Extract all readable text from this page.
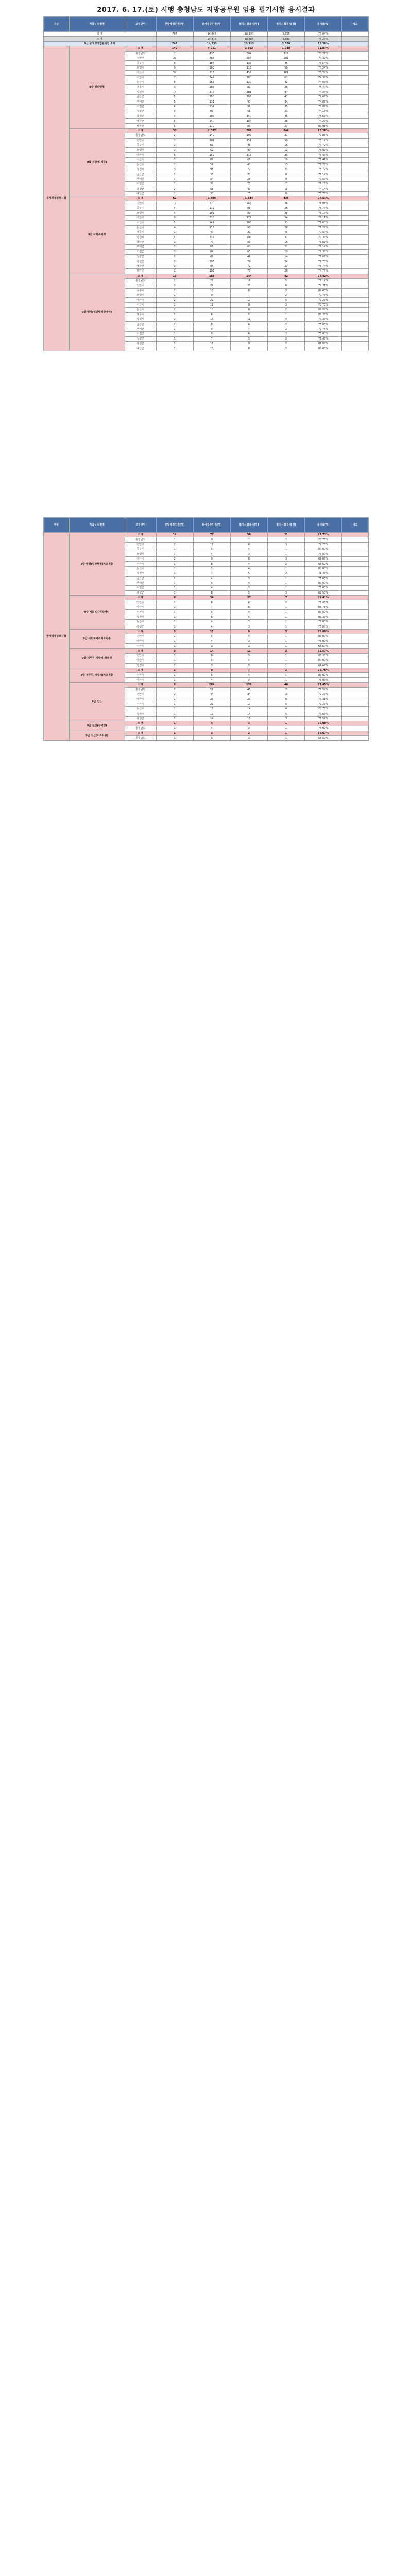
2017. 6. 17.(토) 시행 충청남도 지방공무원 임용 필기시험 응시결과
구분	직급 / 직렬명	모집단위	선발예정인원(명)	원서접수인원(명)	필기시험응시(명)	필기시험결시(명)	응시율(%)	비고
합 계			797	14,645	10,990	3,655	75.04%	
소 계				14,473	10,884	3,589	75.20%	
9급 공개경쟁임용시험 소계			748	14,233	10,713	3,520	75.26%	
공개경쟁임용시험	9급 일반행정	소 계	140	4,011	2,963	1,048	73.87%	
		충청남도	7	433	304	129	70.21%	
		천안시	29	785	584	201	74.39%	
		공주시	8	184	139	45	75.54%	
		보령시	9	168	118	50	70.24%	
		아산시	24	613	452	161	73.74%	
		서산시	7	242	180	62	74.38%	
		논산시	6	162	120	42	74.07%	
		계룡시	3	107	81	26	75.70%	
		당진시	14	378	281	97	74.34%	
		금산군	5	150	109	41	72.67%	
		부여군	5	131	97	34	74.05%	
		서천군	6	134	99	35	73.88%	
		청양군	3	89	66	23	74.16%	
		홍성군	4	185	140	45	75.68%	
		예산군	5	140	104	36	74.29%	
		태안군	5	110	89	21	80.91%	
	9급 지방세(세무)	소 계	33	1,037	791	246	76.28%	
		충청남도	2	140	109	31	77.86%	
		천안시	7	201	151	50	75.12%	
		공주시	2	61	45	16	73.77%	
		보령시	2	52	40	12	76.92%	
		아산시	6	152	117	35	76.97%	
		서산시	3	88	69	19	78.41%	
		논산시	2	56	43	13	76.79%	
		당진시	3	95	72	23	75.79%	
		금산군	1	35	27	8	77.14%	
		부여군	1	34	25	9	73.53%	
		서천군	1	32	25	7	78.13%	
		홍성군	2	58	43	15	74.14%	
		예산군	1	33	25	8	75.76%	
	9급 사회복지직	소 계	62	1,809	1,384	425	76.51%	
		천안시	12	320	246	74	76.88%	
		공주시	4	112	86	26	76.79%	
		보령시	4	105	80	25	76.19%	
		아산시	9	226	172	54	76.11%	
		서산시	5	141	108	33	76.60%	
		논산시	4	118	90	28	76.27%	
		계룡시	1	40	31	9	77.50%	
		당진시	5	137	106	31	77.37%	
		금산군	2	77	59	18	76.62%	
		부여군	3	88	67	21	76.14%	
		서천군	3	84	65	19	77.38%	
		청양군	2	60	46	14	76.67%	
		홍성군	3	103	79	24	76.70%	
		예산군	3	95	72	23	75.79%	
		태안군	2	103	77	26	74.76%	
	9급 행정(일반행정장애인)	소 계	19	186	144	42	77.42%	
		충청남도	1	21	16	5	76.19%	
		천안시	3	29	23	6	79.31%	
		공주시	1	10	8	2	80.00%	
		보령시	1	9	7	2	77.78%	
		아산시	2	22	17	5	77.27%	
		서산시	1	11	8	3	72.73%	
		논산시	1	10	8	2	80.00%	
		계룡시	1	6	5	1	83.33%	
		당진시	2	15	11	4	73.33%	
		금산군	1	8	6	2	75.00%	
		부여군	1	9	7	2	77.78%	
		서천군	1	8	6	2	75.00%	
		청양군	1	7	5	2	71.43%	
		홍성군	1	11	9	2	81.82%	
		예산군	1	10	8	2	80.00%	
구분	직급 / 직렬명	모집단위	선발예정인원(명)	원서접수인원(명)	필기시험응시(명)	필기시험결시(명)	응시율(%)	비고
공개경쟁임용시험	9급 행정(일반행정)저소득층	소 계	14	77	56	21	72.73%	
		충청남도	1	9	7	2	77.78%	
		천안시	2	11	8	3	72.73%	
		공주시	1	5	4	1	80.00%	
		보령시	1	4	3	1	75.00%	
		아산시	2	9	6	3	66.67%	
		서산시	1	6	4	2	66.67%	
		논산시	1	5	4	1	80.00%	
		당진시	1	7	5	2	71.43%	
		금산군	1	4	3	1	75.00%	
		부여군	1	5	4	1	80.00%	
		서천군	1	4	3	1	75.00%	
		홍성군	1	8	5	3	62.50%	
	9급 사회복지직장애인	소 계	6	34	27	7	79.41%	
		천안시	1	8	6	2	75.00%	
		아산시	1	7	6	1	85.71%	
		서산시	1	5	4	1	80.00%	
		당진시	1	6	5	1	83.33%	
		논산시	1	4	3	1	75.00%	
		홍성군	1	4	3	1	75.00%	
	9급 사회복지직저소득층	소 계	3	12	9	3	75.00%	
		천안시	1	5	4	1	80.00%	
		아산시	1	4	3	1	75.00%	
		서산시	1	3	2	1	66.67%	
	9급 세무직(지방세)장애인	소 계	3	14	11	3	78.57%	
		천안시	1	6	5	1	83.33%	
		아산시	1	5	4	1	80.00%	
		당진시	1	3	2	1	66.67%	
	9급 세무직(지방세)저소득층	소 계	2	9	7	2	77.78%	
		천안시	1	5	4	1	80.00%	
		아산시	1	4	3	1	75.00%	
	9급 전산	소 계	9	204	158	46	77.45%	
		충청남도	2	58	45	13	77.59%	
		천안시	2	44	34	10	77.27%	
		아산시	1	29	23	6	79.31%	
		서산시	1	22	17	5	77.27%	
		논산시	1	18	14	4	77.78%	
		당진시	1	19	14	5	73.68%	
		홍성군	1	14	11	3	78.57%	
	9급 전산(장애인)	소 계	1	4	3	1	75.00%	
		충청남도	1	4	3	1	75.00%	
	9급 전산(저소득층)	소 계	1	3	2	1	66.67%	
		충청남도	1	3	2	1	66.67%	
